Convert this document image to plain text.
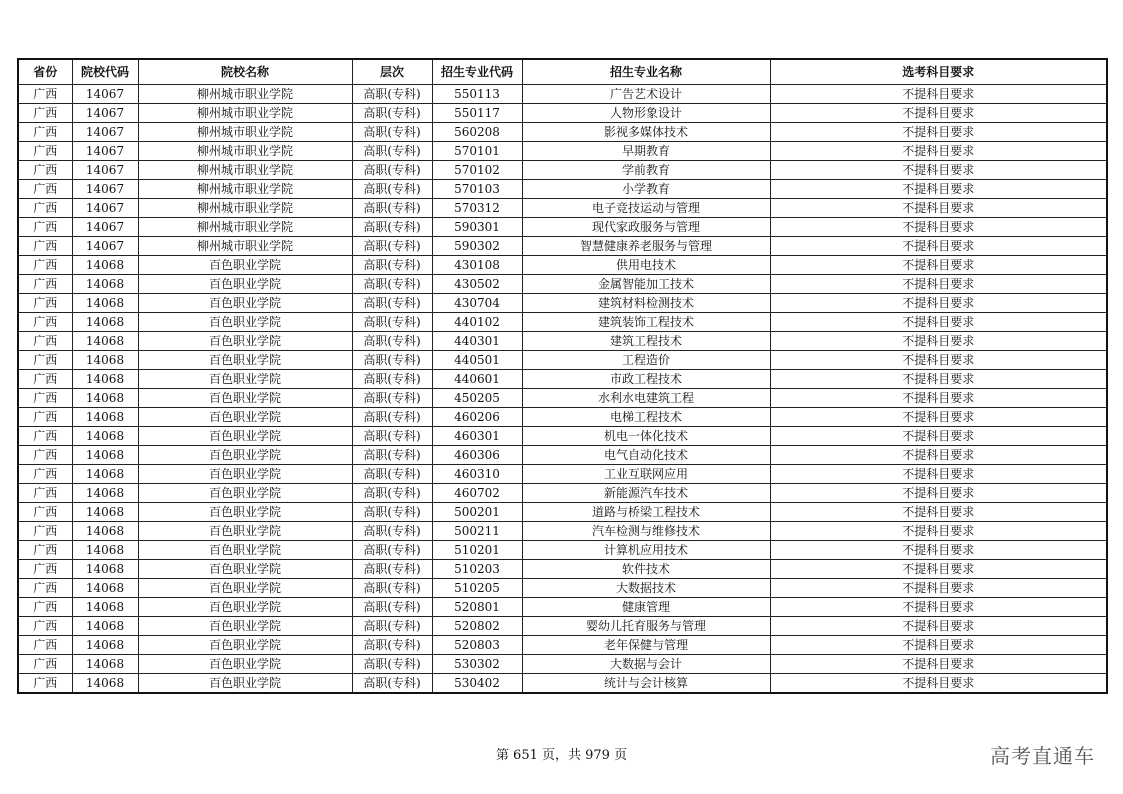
省份	院校代码	院校名称	层次	招生专业代码	招生专业名称	选考科目要求
广西	14067	柳州城市职业学院	高职(专科)	550113	广告艺术设计	不提科目要求
广西	14067	柳州城市职业学院	高职(专科)	550117	人物形象设计	不提科目要求
广西	14067	柳州城市职业学院	高职(专科)	560208	影视多媒体技术	不提科目要求
广西	14067	柳州城市职业学院	高职(专科)	570101	早期教育	不提科目要求
广西	14067	柳州城市职业学院	高职(专科)	570102	学前教育	不提科目要求
广西	14067	柳州城市职业学院	高职(专科)	570103	小学教育	不提科目要求
广西	14067	柳州城市职业学院	高职(专科)	570312	电子竞技运动与管理	不提科目要求
广西	14067	柳州城市职业学院	高职(专科)	590301	现代家政服务与管理	不提科目要求
广西	14067	柳州城市职业学院	高职(专科)	590302	智慧健康养老服务与管理	不提科目要求
广西	14068	百色职业学院	高职(专科)	430108	供用电技术	不提科目要求
广西	14068	百色职业学院	高职(专科)	430502	金属智能加工技术	不提科目要求
广西	14068	百色职业学院	高职(专科)	430704	建筑材料检测技术	不提科目要求
广西	14068	百色职业学院	高职(专科)	440102	建筑装饰工程技术	不提科目要求
广西	14068	百色职业学院	高职(专科)	440301	建筑工程技术	不提科目要求
广西	14068	百色职业学院	高职(专科)	440501	工程造价	不提科目要求
广西	14068	百色职业学院	高职(专科)	440601	市政工程技术	不提科目要求
广西	14068	百色职业学院	高职(专科)	450205	水利水电建筑工程	不提科目要求
广西	14068	百色职业学院	高职(专科)	460206	电梯工程技术	不提科目要求
广西	14068	百色职业学院	高职(专科)	460301	机电一体化技术	不提科目要求
广西	14068	百色职业学院	高职(专科)	460306	电气自动化技术	不提科目要求
广西	14068	百色职业学院	高职(专科)	460310	工业互联网应用	不提科目要求
广西	14068	百色职业学院	高职(专科)	460702	新能源汽车技术	不提科目要求
广西	14068	百色职业学院	高职(专科)	500201	道路与桥梁工程技术	不提科目要求
广西	14068	百色职业学院	高职(专科)	500211	汽车检测与维修技术	不提科目要求
广西	14068	百色职业学院	高职(专科)	510201	计算机应用技术	不提科目要求
广西	14068	百色职业学院	高职(专科)	510203	软件技术	不提科目要求
广西	14068	百色职业学院	高职(专科)	510205	大数据技术	不提科目要求
广西	14068	百色职业学院	高职(专科)	520801	健康管理	不提科目要求
广西	14068	百色职业学院	高职(专科)	520802	婴幼儿托育服务与管理	不提科目要求
广西	14068	百色职业学院	高职(专科)	520803	老年保健与管理	不提科目要求
广西	14068	百色职业学院	高职(专科)	530302	大数据与会计	不提科目要求
广西	14068	百色职业学院	高职(专科)	530402	统计与会计核算	不提科目要求
第 651 页，共 979 页	高考直通车
